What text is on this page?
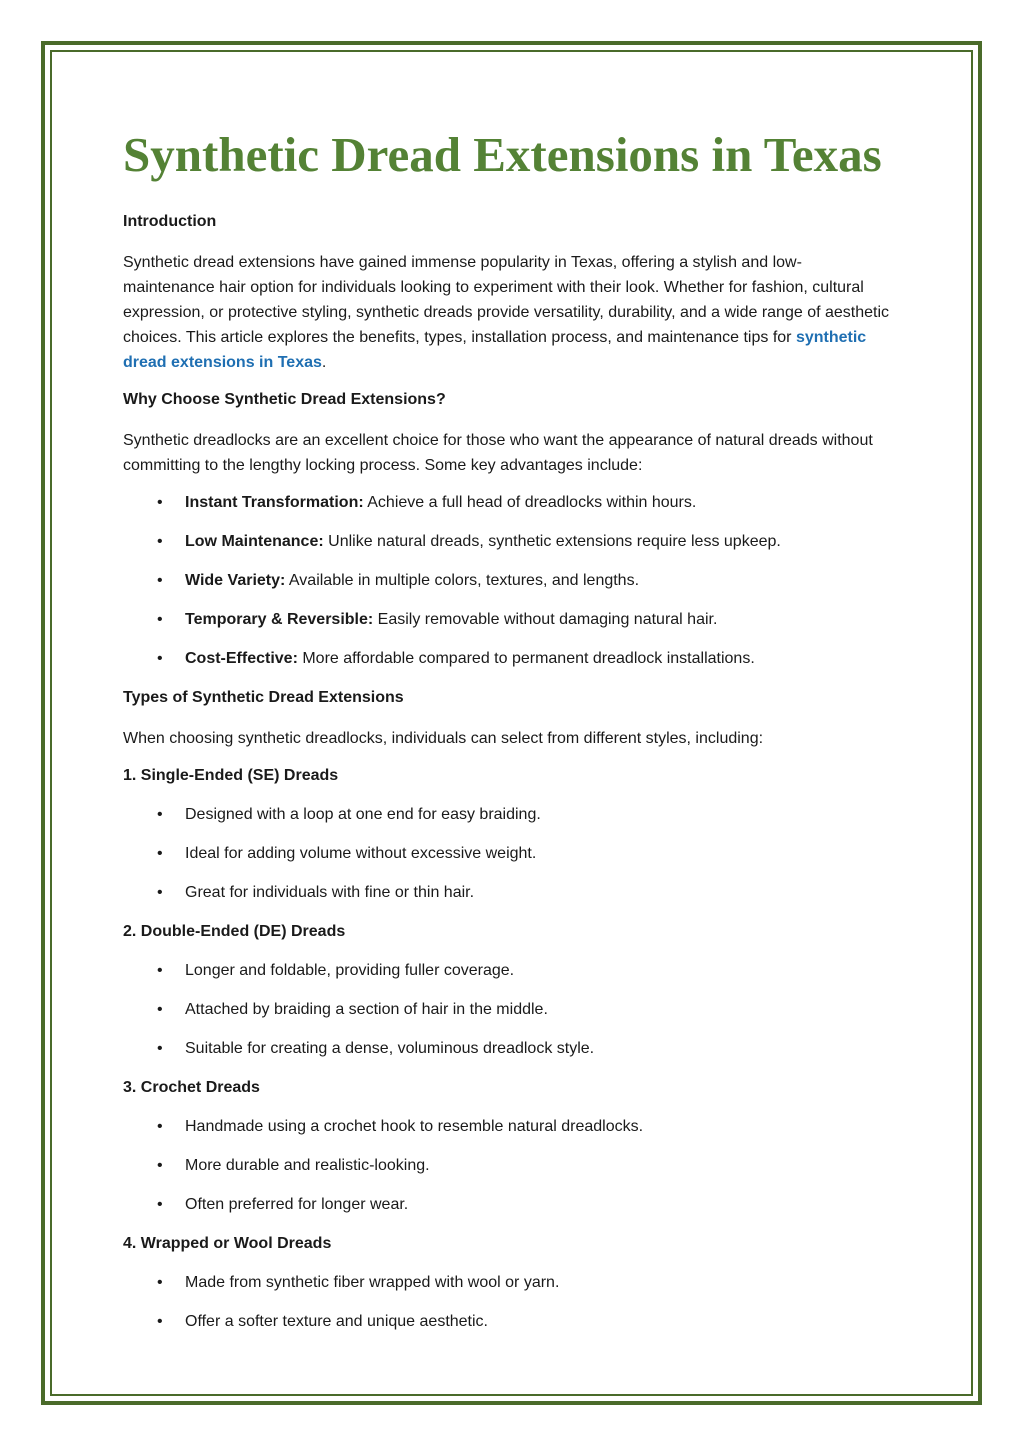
Synthetic Dread Extensions in Texas
Introduction

Synthetic dread extensions have gained immense popularity in Texas, offering a stylish and low-maintenance hair option for individuals looking to experiment with their look. Whether for fashion, cultural expression, or protective styling, synthetic dreads provide versatility, durability, and a wide range of aesthetic choices. This article explores the benefits, types, installation process, and maintenance tips for synthetic dread extensions in Texas.

Why Choose Synthetic Dread Extensions?

Synthetic dreadlocks are an excellent choice for those who want the appearance of natural dreads without committing to the lengthy locking process. Some key advantages include:

• Instant Transformation: Achieve a full head of dreadlocks within hours.
• Low Maintenance: Unlike natural dreads, synthetic extensions require less upkeep.
• Wide Variety: Available in multiple colors, textures, and lengths.
• Temporary & Reversible: Easily removable without damaging natural hair.
• Cost-Effective: More affordable compared to permanent dreadlock installations.
Types of Synthetic Dread Extensions

When choosing synthetic dreadlocks, individuals can select from different styles, including:

1. Single-Ended (SE) Dreads
• Designed with a loop at one end for easy braiding.
• Ideal for adding volume without excessive weight.
• Great for individuals with fine or thin hair.
2. Double-Ended (DE) Dreads
• Longer and foldable, providing fuller coverage.
• Attached by braiding a section of hair in the middle.
• Suitable for creating a dense, voluminous dreadlock style.
3. Crochet Dreads
• Handmade using a crochet hook to resemble natural dreadlocks.
• More durable and realistic-looking.
• Often preferred for longer wear.
4. Wrapped or Wool Dreads
• Made from synthetic fiber wrapped with wool or yarn.
• Offer a softer texture and unique aesthetic.
